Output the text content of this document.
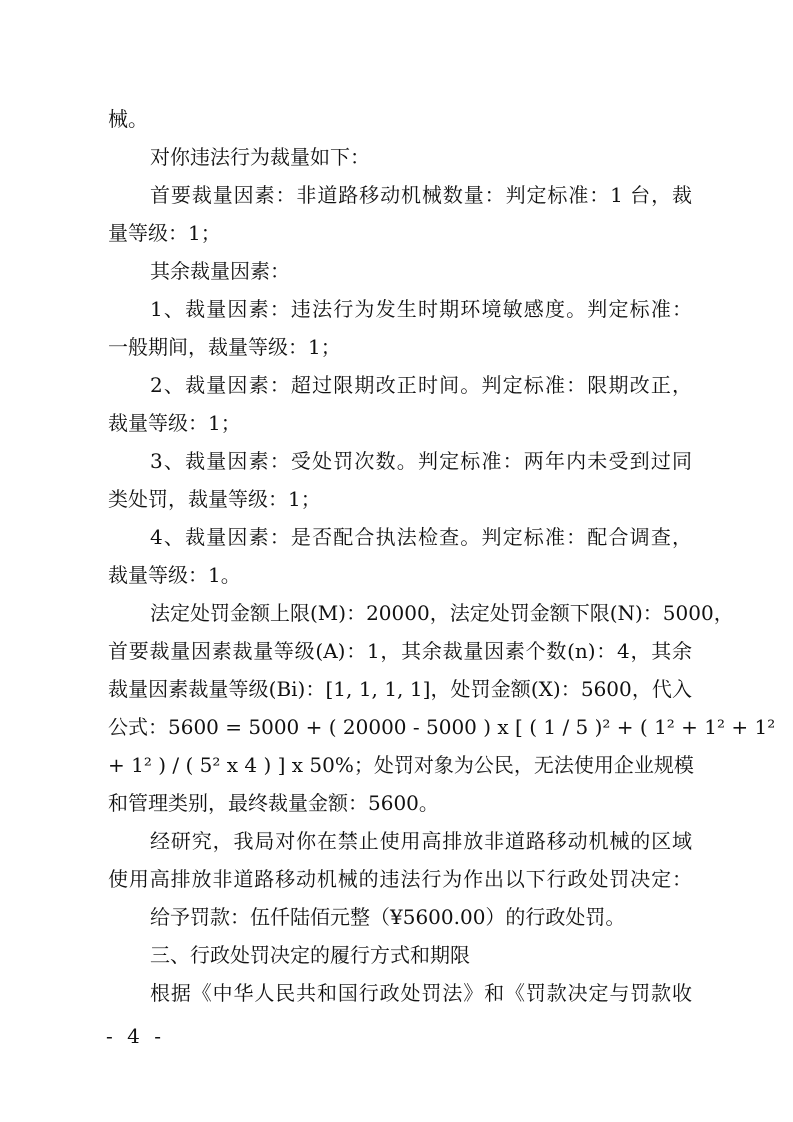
械。
对你违法行为裁量如下：
首要裁量因素：非道路移动机械数量：判定标准：1 台，裁
量等级：1；
其余裁量因素：
1、裁量因素：违法行为发生时期环境敏感度。判定标准：
一般期间，裁量等级：1；
2、裁量因素：超过限期改正时间。判定标准：限期改正，
裁量等级：1；
3、裁量因素：受处罚次数。判定标准：两年内未受到过同
类处罚，裁量等级：1；
4、裁量因素：是否配合执法检查。判定标准：配合调查，
裁量等级：1。
法定处罚金额上限(M)：20000，法定处罚金额下限(N)：5000，
首要裁量因素裁量等级(A)：1，其余裁量因素个数(n)：4，其余
裁量因素裁量等级(Bi)：[1, 1, 1, 1]，处罚金额(X)：5600，代入
公式：5600 = 5000 + ( 20000 - 5000 ) x [ ( 1 / 5 )² + ( 1² + 1² + 1²
+ 1² ) / ( 5² x 4 ) ] x 50%；处罚对象为公民，无法使用企业规模
和管理类别，最终裁量金额：5600。
经研究，我局对你在禁止使用高排放非道路移动机械的区域
使用高排放非道路移动机械的违法行为作出以下行政处罚决定：
给予罚款：伍仟陆佰元整（¥5600.00）的行政处罚。
三、行政处罚决定的履行方式和期限
根据《中华人民共和国行政处罚法》和《罚款决定与罚款收
- 4 -
